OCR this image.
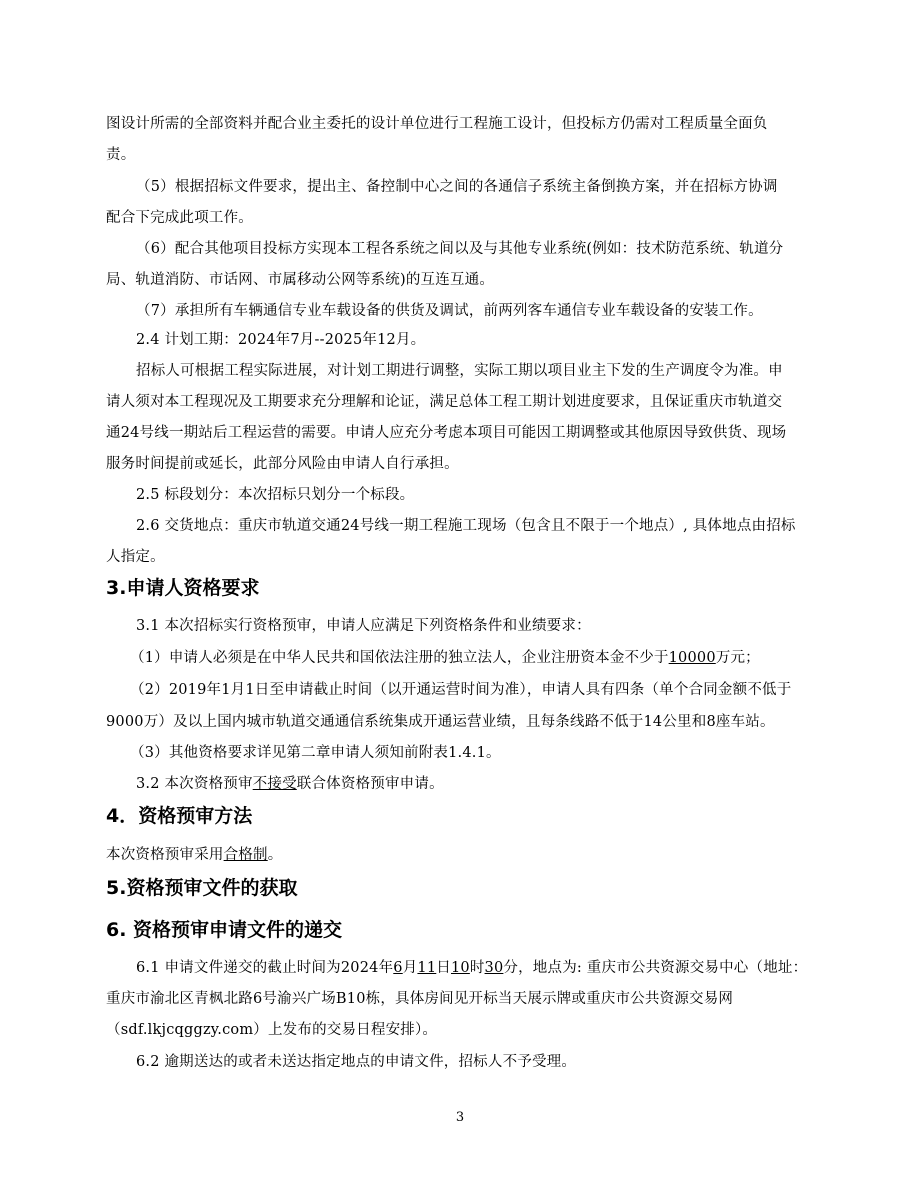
图设计所需的全部资料并配合业主委托的设计单位进行工程施工设计，但投标方仍需对工程质量全面负
责。
（5）根据招标文件要求，提出主、备控制中心之间的各通信子系统主备倒换方案，并在招标方协调
配合下完成此项工作。
（6）配合其他项目投标方实现本工程各系统之间以及与其他专业系统(例如：技术防范系统、轨道分
局、轨道消防、市话网、市属移动公网等系统)的互连互通。
（7）承担所有车辆通信专业车载设备的供货及调试，前两列客车通信专业车载设备的安装工作。
2.4 计划工期：2024年7月--2025年12月。
招标人可根据工程实际进展，对计划工期进行调整，实际工期以项目业主下发的生产调度令为准。申
请人须对本工程现况及工期要求充分理解和论证，满足总体工程工期计划进度要求，且保证重庆市轨道交
通24号线一期站后工程运营的需要。申请人应充分考虑本项目可能因工期调整或其他原因导致供货、现场
服务时间提前或延长，此部分风险由申请人自行承担。
2.5 标段划分：本次招标只划分一个标段。
2.6 交货地点：重庆市轨道交通24号线一期工程施工现场（包含且不限于一个地点）, 具体地点由招标
人指定。
3.申请人资格要求
3.1 本次招标实行资格预审，申请人应满足下列资格条件和业绩要求：
（1）申请人必须是在中华人民共和国依法注册的独立法人，企业注册资本金不少于10000万元；
（2）2019年1月1日至申请截止时间（以开通运营时间为准），申请人具有四条（单个合同金额不低于
9000万）及以上国内城市轨道交通通信系统集成开通运营业绩，且每条线路不低于14公里和8座车站。
（3）其他资格要求详见第二章申请人须知前附表1.4.1。
3.2 本次资格预审不接受联合体资格预审申请。
4．资格预审方法
本次资格预审采用合格制。
5.资格预审文件的获取
6. 资格预审申请文件的递交
6.1 申请文件递交的截止时间为2024年6月11日10时30分，地点为: 重庆市公共资源交易中心（地址：
重庆市渝北区青枫北路6号渝兴广场B10栋，具体房间见开标当天展示牌或重庆市公共资源交易网
（sdf.lkjcqggzy.com）上发布的交易日程安排）。
6.2 逾期送达的或者未送达指定地点的申请文件，招标人不予受理。
3
